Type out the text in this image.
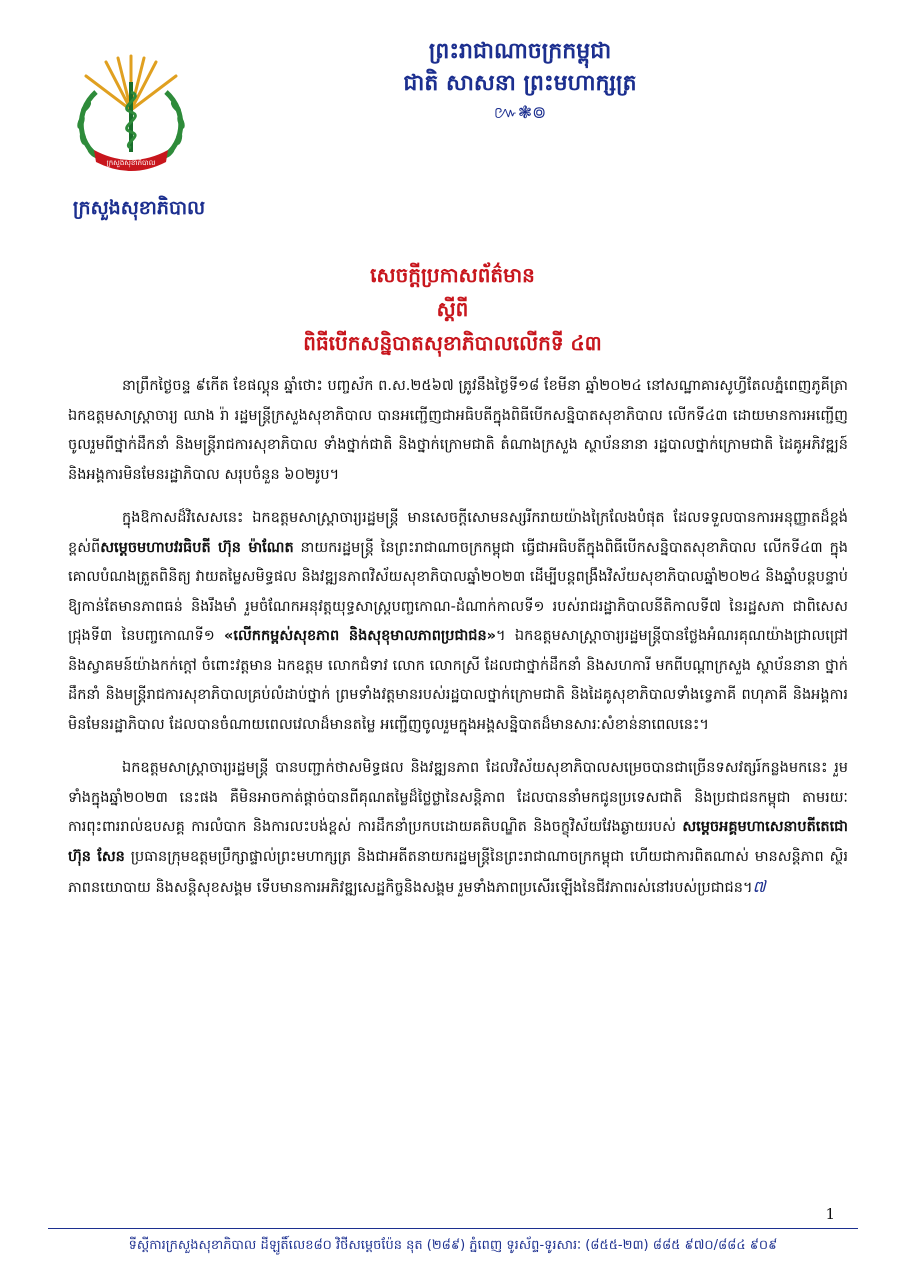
ក្រសួងសុខាភិបាល
ក្រសួងសុខាភិបាល
ព្រះរាជាណាចក្រកម្ពុជា
ជាតិ សាសនា ព្រះមហាក្សត្រ
៚❃៙
សេចក្តីប្រកាសព័ត៌មាន
ស្តីពី
ពិធីបើកសន្និបាតសុខាភិបាលលើកទី ៤៣

នាព្រឹកថ្ងៃចន្ទ ៩កើត ខែផល្គុន ឆ្នាំថោះ បញ្ចស័ក ព.ស.២៥៦៧ ត្រូវនឹងថ្ងៃទី១៨ ខែមីនា ឆ្នាំ២០២៤ នៅសណ្ឋាគារសូហ្វីតែលភ្នំពេញភូគីត្រា ឯកឧត្តមសាស្ត្រាចារ្យ ឈាង រ៉ា រដ្ឋមន្ត្រីក្រសួងសុខាភិបាល បានអញ្ជើញជាអធិបតីក្នុងពិធីបើកសន្និបាតសុខាភិបាល លើកទី៤៣ ដោយមានការអញ្ជើញចូលរួមពីថ្នាក់ដឹកនាំ និងមន្ត្រីរាជការសុខាភិបាល ទាំងថ្នាក់ជាតិ និងថ្នាក់ក្រោមជាតិ តំណាងក្រសួង ស្ថាប័ននានា រដ្ឋបាលថ្នាក់ក្រោមជាតិ ដៃគូអភិវឌ្ឍន៍ និងអង្គការមិនមែនរដ្ឋាភិបាល សរុបចំនួន ៦០២រូប។

ក្នុងឱកាសដ៏វិសេសនេះ ឯកឧត្តមសាស្ត្រាចារ្យរដ្ឋមន្ត្រី មានសេចក្តីសោមនស្សរីករាយយ៉ាងក្រៃលែងបំផុត ដែលទទួលបានការអនុញ្ញាតដ៏ខ្ពង់ខ្ពស់ពីសម្តេចមហាបវរធិបតី ហ៊ុន ម៉ាណែត នាយករដ្ឋមន្ត្រី នៃព្រះរាជាណាចក្រកម្ពុជា ធ្វើជាអធិបតីក្នុងពិធីបើកសន្និបាតសុខាភិបាល លើកទី៤៣ ក្នុងគោលបំណងត្រួតពិនិត្យ វាយតម្លៃសមិទ្ធផល និងវឌ្ឍនភាពវិស័យសុខាភិបាលឆ្នាំ២០២៣ ដើម្បីបន្តពង្រឹងវិស័យសុខាភិបាលឆ្នាំ២០២៤ និងឆ្នាំបន្តបន្ទាប់ ឱ្យកាន់តែមានភាពធន់ និងរឹងមាំ រួមចំណែកអនុវត្តយុទ្ធសាស្ត្របញ្ចកោណ-ដំណាក់កាលទី១ របស់រាជរដ្ឋាភិបាលនីតិកាលទី៧ នៃរដ្ឋសភា ជាពិសេសជ្រុងទី៣ នៃបញ្ចកោណទី១ «លើកកម្ពស់សុខភាព និងសុខុមាលភាពប្រជាជន»។ ឯកឧត្តមសាស្ត្រាចារ្យរដ្ឋមន្ត្រីបានថ្លែងអំណរគុណយ៉ាងជ្រាលជ្រៅ និងស្វាគមន៍យ៉ាងកក់ក្តៅ ចំពោះវត្តមាន ឯកឧត្តម លោកជំទាវ លោក លោកស្រី ដែលជាថ្នាក់ដឹកនាំ និងសហការី មកពីបណ្តាក្រសួង ស្ថាប័ននានា ថ្នាក់ដឹកនាំ និងមន្ត្រីរាជការសុខាភិបាលគ្រប់លំដាប់ថ្នាក់ ព្រមទាំងវត្តមានរបស់រដ្ឋបាលថ្នាក់ក្រោមជាតិ និងដៃគូសុខាភិបាលទាំងទ្វេភាគី ពហុភាគី និងអង្គការមិនមែនរដ្ឋាភិបាល ដែលបានចំណាយពេលវេលាដ៏មានតម្លៃ អញ្ជើញចូលរួមក្នុងអង្គសន្និបាតដ៏មានសារៈសំខាន់នាពេលនេះ។

ឯកឧត្តមសាស្ត្រាចារ្យរដ្ឋមន្ត្រី បានបញ្ជាក់ថាសមិទ្ធផល និងវឌ្ឍនភាព ដែលវិស័យសុខាភិបាលសម្រេចបានជាច្រើនទសវត្សរ៍កន្លងមកនេះ រួមទាំងក្នុងឆ្នាំ២០២៣ នេះផង គឺមិនអាចកាត់ផ្តាច់បានពីគុណតម្លៃដ៏ថ្លៃថ្លានៃសន្តិភាព ដែលបាននាំមកជូនប្រទេសជាតិ និងប្រជាជនកម្ពុជា តាមរយៈការពុះពាររាល់ឧបសគ្គ ការលំបាក និងការលះបង់ខ្ពស់ ការដឹកនាំប្រកបដោយគតិបណ្ឌិត និងចក្ខុវិស័យវែងឆ្ងាយរបស់ សម្តេចអគ្គមហាសេនាបតីតេជោ ហ៊ុន សែន ប្រធានក្រុមឧត្តមប្រឹក្សាផ្ទាល់ព្រះមហាក្សត្រ និងជាអតីតនាយករដ្ឋមន្ត្រីនៃព្រះរាជាណាចក្រកម្ពុជា ហើយជាការពិតណាស់ មានសន្តិភាព ស្ថិរភាពនយោបាយ និងសន្តិសុខសង្គម ទើបមានការអភិវឌ្ឍសេដ្ឋកិច្ចនិងសង្គម រួមទាំងភាពប្រសើរឡើងនៃជីវភាពរស់នៅរបស់ប្រជាជន។៧

1
ទីស្តីការក្រសួងសុខាភិបាល ដីឡូតិ៍លេខ៨០ វិថីសម្តេចប៉ែន នុត (២៨៩) ភ្នំពេញ ទូរស័ព្ទ-ទូរសារៈ (៨៥៥-២៣) ៨៨៥ ៩៧០/៨៨៤ ៩០៩
